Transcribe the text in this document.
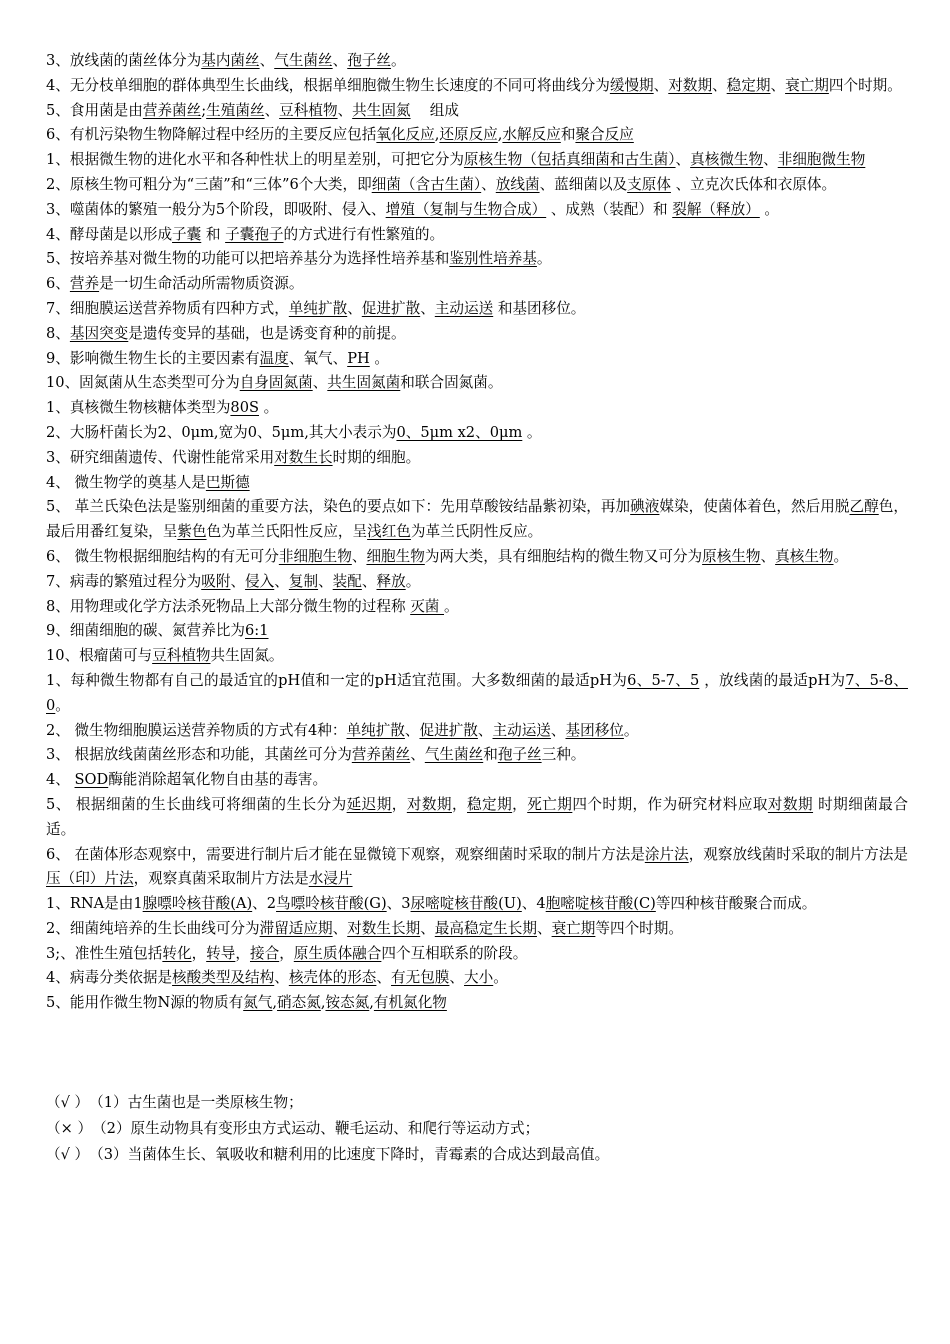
3、放线菌的菌丝体分为基内菌丝、气生菌丝、孢子丝。

4、无分枝单细胞的群体典型生长曲线，根据单细胞微生物生长速度的不同可将曲线分为缓慢期、对数期、稳定期、衰亡期四个时期。

5、食用菌是由营养菌丝;生殖菌丝、豆科植物、共生固氮　 组成

6、有机污染物生物降解过程中经历的主要反应包括氧化反应,还原反应,水解反应和聚合反应

1、根据微生物的进化水平和各种性状上的明星差别，可把它分为原核生物（包括真细菌和古生菌）、真核微生物、非细胞微生物

2、原核生物可粗分为“三菌”和“三体”6个大类，即细菌（含古生菌）、放线菌、蓝细菌以及支原体 、立克次氏体和衣原体。

3、噬菌体的繁殖一般分为5个阶段，即吸附、侵入、增殖（复制与生物合成） 、成熟（装配）和 裂解（释放） 。

4、酵母菌是以形成子囊 和 子囊孢子的方式进行有性繁殖的。

5、按培养基对微生物的功能可以把培养基分为选择性培养基和鉴别性培养基。

6、营养是一切生命活动所需物质资源。

7、细胞膜运送营养物质有四种方式，单纯扩散、促进扩散、主动运送 和基团移位。

8、基因突变是遗传变异的基础，也是诱变育种的前提。

9、影响微生物生长的主要因素有温度、氧气、PH 。

10、固氮菌从生态类型可分为自身固氮菌、共生固氮菌和联合固氮菌。

1、真核微生物核糖体类型为80S 。

2、大肠杆菌长为2、0μm,宽为0、5μm,其大小表示为0、5μm x2、0μm 。

3、研究细菌遗传、代谢性能常采用对数生长时期的细胞。

4、 微生物学的奠基人是巴斯德

5、 革兰氏染色法是鉴别细菌的重要方法，染色的要点如下：先用草酸铵结晶紫初染，再加碘液媒染，使菌体着色，然后用脱乙醇色，最后用番红复染，呈紫色色为革兰氏阳性反应，呈浅红色为革兰氏阴性反应。

6、 微生物根据细胞结构的有无可分非细胞生物、细胞生物为两大类，具有细胞结构的微生物又可分为原核生物、真核生物。

7、病毒的繁殖过程分为吸附、侵入、复制、装配、释放。

8、用物理或化学方法杀死物品上大部分微生物的过程称 灭菌 。

9、细菌细胞的碳、氮营养比为6:1

10、根瘤菌可与豆科植物共生固氮。

1、每种微生物都有自己的最适宜的pH值和一定的pH适宜范围。大多数细菌的最适pH为6、5-7、5 ，放线菌的最适pH为7、5-8、0。

2、 微生物细胞膜运送营养物质的方式有4种：单纯扩散、促进扩散、主动运送、基团移位。

3、 根据放线菌菌丝形态和功能，其菌丝可分为营养菌丝、气生菌丝和孢子丝三种。

4、 SOD酶能消除超氧化物自由基的毒害。

5、 根据细菌的生长曲线可将细菌的生长分为延迟期，对数期，稳定期，死亡期四个时期，作为研究材料应取对数期 时期细菌最合适。

6、 在菌体形态观察中，需要进行制片后才能在显微镜下观察，观察细菌时采取的制片方法是涂片法，观察放线菌时采取的制片方法是压（印）片法，观察真菌采取制片方法是水浸片

1、RNA是由1腺嘌呤核苷酸(A)、2鸟嘌呤核苷酸(G)、3尿嘧啶核苷酸(U)、4胞嘧啶核苷酸(C)等四种核苷酸聚合而成。

2、细菌纯培养的生长曲线可分为滞留适应期、对数生长期、最高稳定生长期、衰亡期等四个时期。

3;、准性生殖包括转化，转导，接合，原生质体融合四个互相联系的阶段。

4、病毒分类依据是核酸类型及结构、核壳体的形态、有无包膜、大小。

5、能用作微生物N源的物质有氮气,硝态氮,铵态氮,有机氮化物

（√ ）（1）古生菌也是一类原核生物；

（× ）（2）原生动物具有变形虫方式运动、鞭毛运动、和爬行等运动方式；

（√ ）（3）当菌体生长、氧吸收和糖利用的比速度下降时，青霉素的合成达到最高值。
